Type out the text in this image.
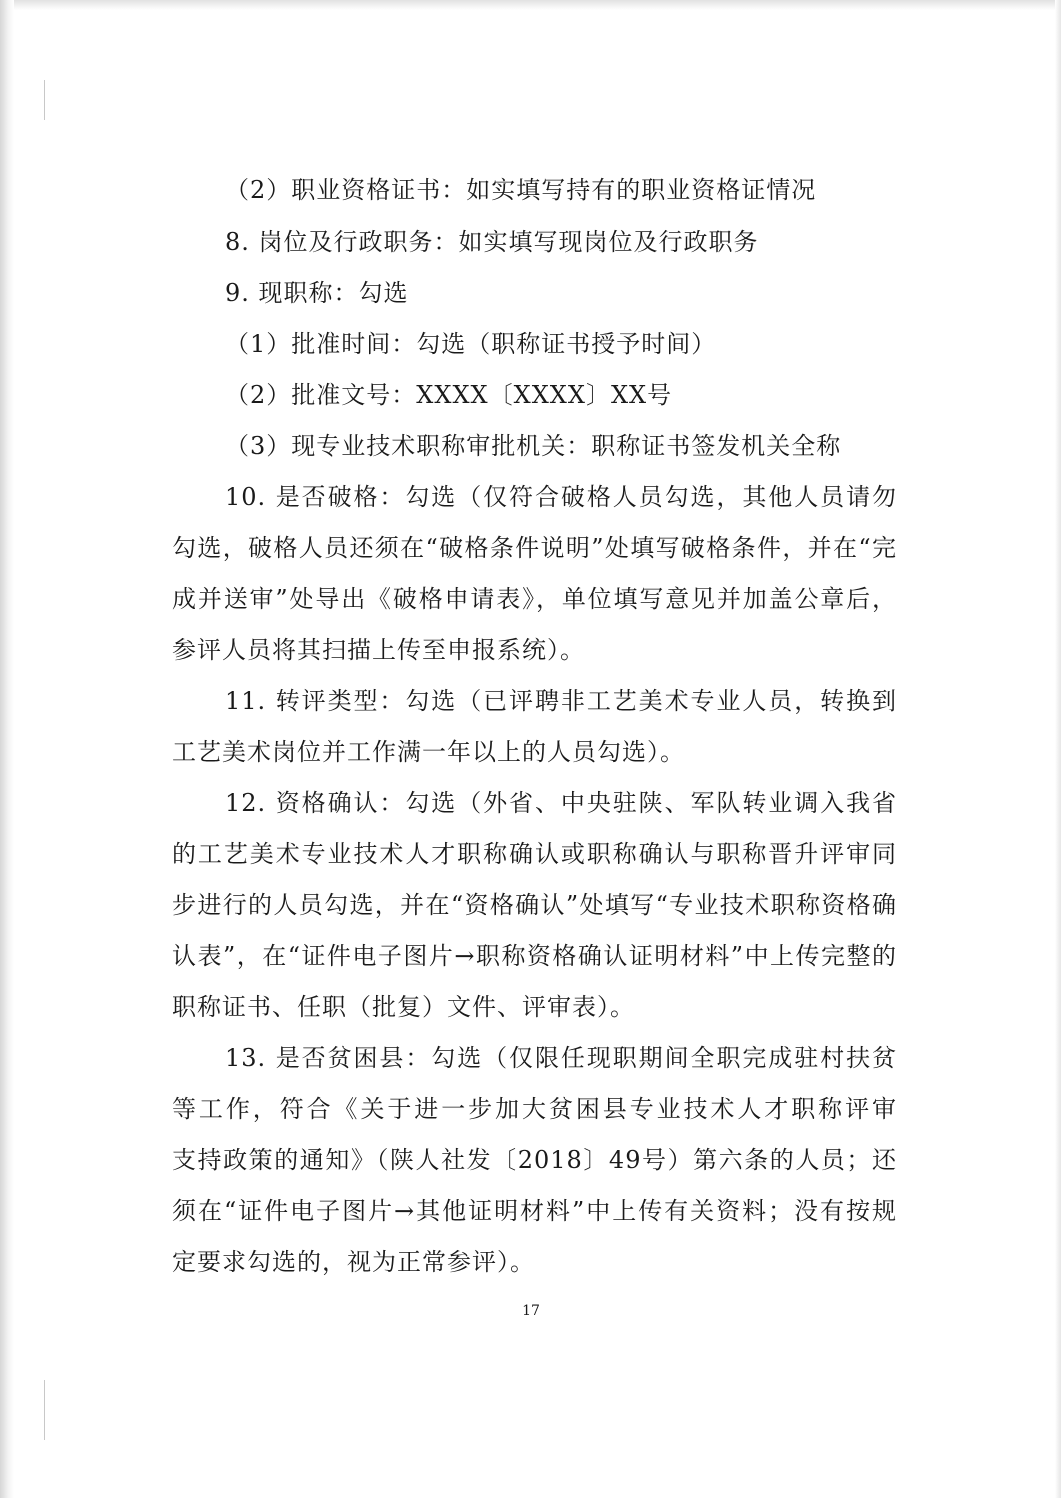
（2）职业资格证书：如实填写持有的职业资格证情况
8. 岗位及行政职务：如实填写现岗位及行政职务
9. 现职称：勾选
（1）批准时间：勾选（职称证书授予时间）
（2）批准文号：XXXX〔XXXX〕XX号
（3）现专业技术职称审批机关：职称证书签发机关全称
10. 是否破格：勾选（仅符合破格人员勾选，其他人员请勿
勾选，破格人员还须在“破格条件说明”处填写破格条件，并在“完
成并送审”处导出《破格申请表》，单位填写意见并加盖公章后，
参评人员将其扫描上传至申报系统）。
11. 转评类型：勾选（已评聘非工艺美术专业人员，转换到
工艺美术岗位并工作满一年以上的人员勾选）。
12. 资格确认：勾选（外省、中央驻陕、军队转业调入我省
的工艺美术专业技术人才职称确认或职称确认与职称晋升评审同
步进行的人员勾选，并在“资格确认”处填写“专业技术职称资格确
认表”，在“证件电子图片→职称资格确认证明材料”中上传完整的
职称证书、任职（批复）文件、评审表）。
13. 是否贫困县：勾选（仅限任现职期间全职完成驻村扶贫
等工作，符合《关于进一步加大贫困县专业技术人才职称评审
支持政策的通知》（陕人社发〔2018〕49号）第六条的人员；还
须在“证件电子图片→其他证明材料”中上传有关资料；没有按规
定要求勾选的，视为正常参评）。
17
